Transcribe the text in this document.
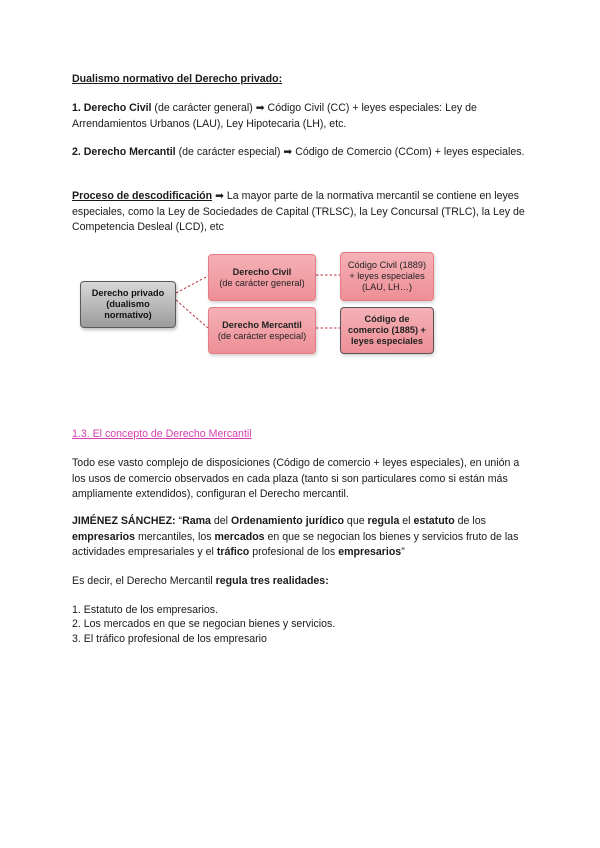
Dualismo normativo del Derecho privado:

1. Derecho Civil (de carácter general) ➡ Código Civil (CC) + leyes especiales: Ley de Arrendamientos Urbanos (LAU), Ley Hipotecaria (LH), etc.

2. Derecho Mercantil (de carácter especial) ➡ Código de Comercio (CCom) + leyes especiales.

Proceso de descodificación ➡ La mayor parte de la normativa mercantil se contiene en leyes especiales, como la Ley de Sociedades de Capital (TRLSC), la Ley Concursal (TRLC), la Ley de Competencia Desleal (LCD), etc

Derecho privado (dualismo normativo)
Derecho Civil
(de carácter general)
Derecho Mercantil
(de carácter especial)
Código Civil (1889) + leyes especiales (LAU, LH…)
Código de comercio (1885) + leyes especiales

1.3. El concepto de Derecho Mercantil

Todo ese vasto complejo de disposiciones (Código de comercio + leyes especiales), en unión a los usos de comercio observados en cada plaza (tanto si son particulares como si están más ampliamente extendidos), configuran el Derecho mercantil.

JIMÉNEZ SÁNCHEZ: “Rama del Ordenamiento jurídico que regula el estatuto de los empresarios mercantiles, los mercados en que se negocian los bienes y servicios fruto de las actividades empresariales y el tráfico profesional de los empresarios”

Es decir, el Derecho Mercantil regula tres realidades:

1. Estatuto de los empresarios.

2. Los mercados en que se negocian bienes y servicios.

3. El tráfico profesional de los empresario
